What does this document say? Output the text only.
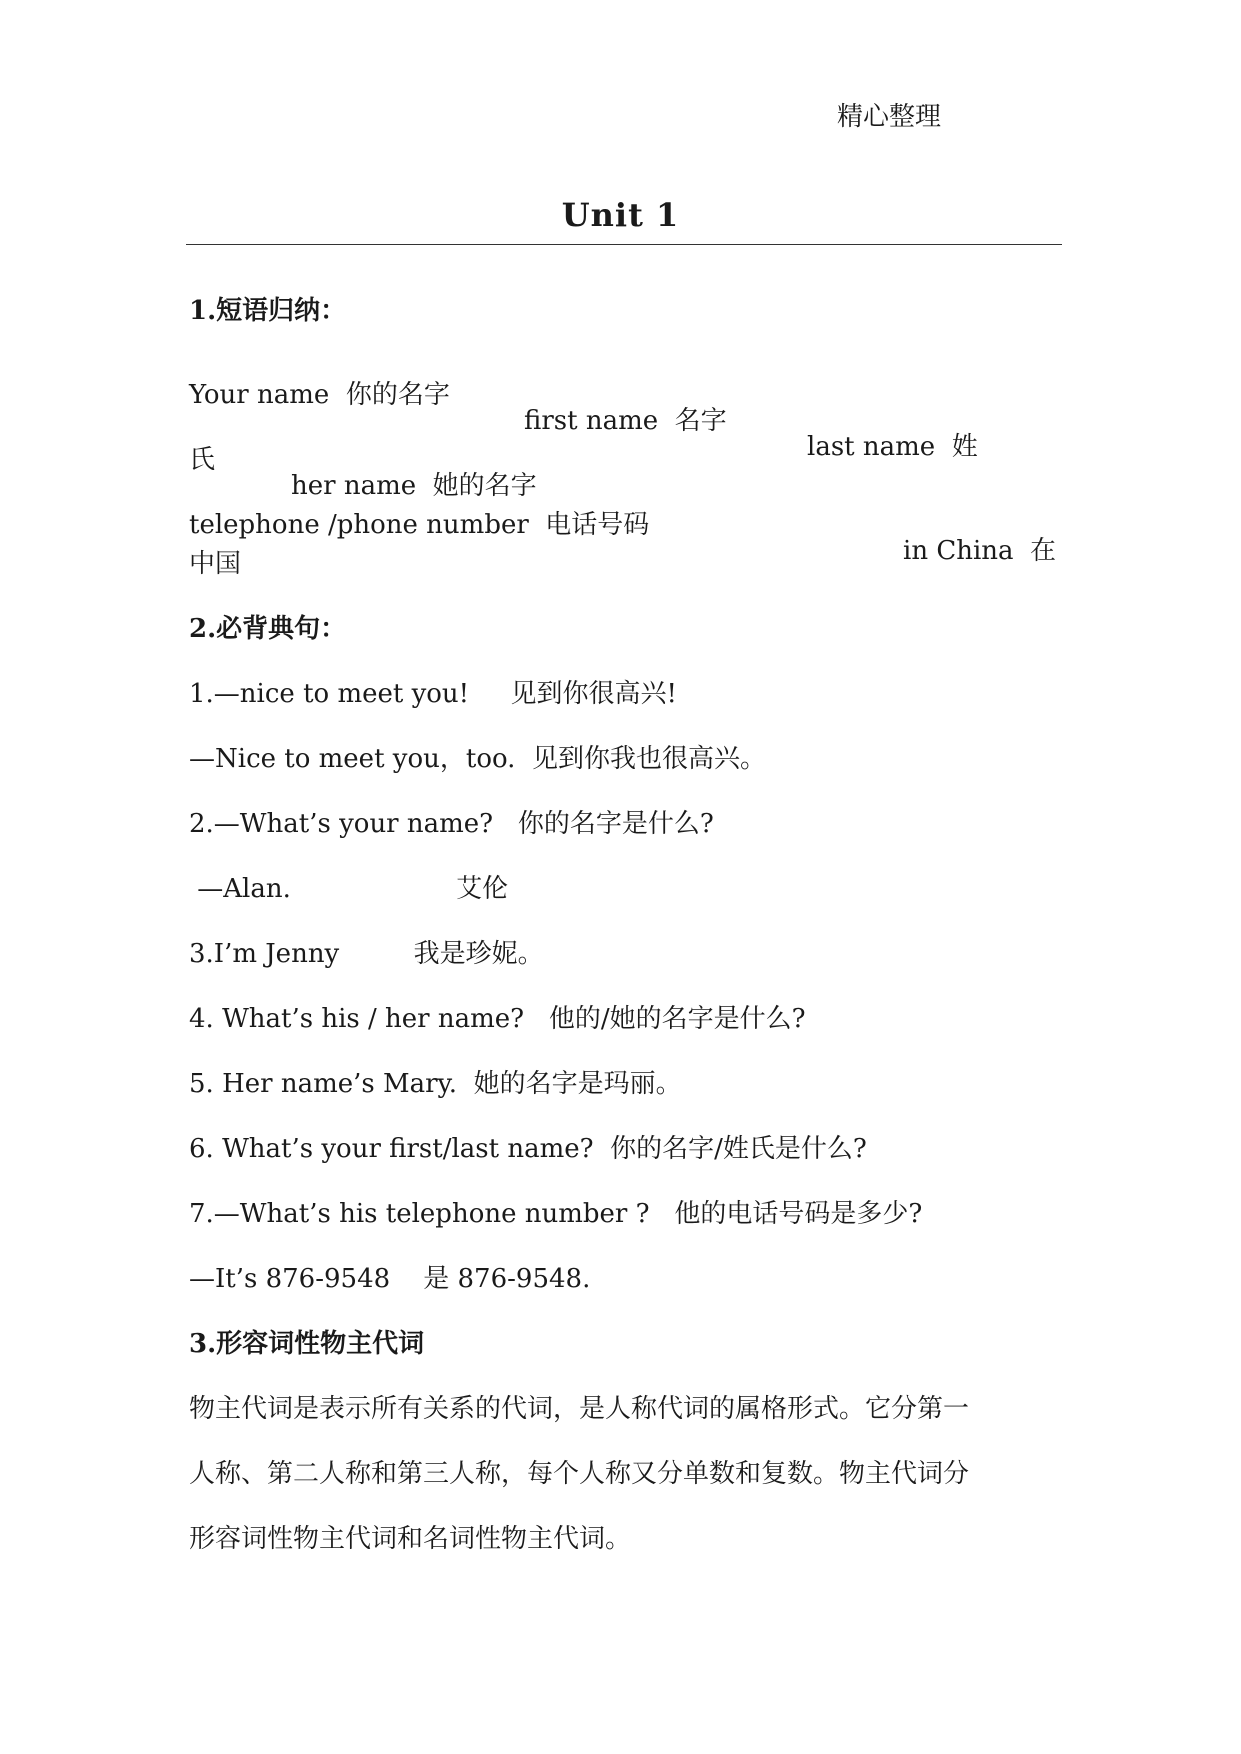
精心整理
Unit 1
1.短语归纳：

Your name  你的名字

first name  名字

last name  姓

氏

her name  她的名字

telephone /phone number  电话号码

in China  在

中国
2.必背典句：
1.—nice to meet you!     见到你很高兴!
—Nice to meet you，too.  见到你我也很高兴。
2.—What’s your name?   你的名字是什么?
—Alan.                    艾伦
3.I’m Jenny         我是珍妮。
4. What’s his / her name?   他的/她的名字是什么?
5. Her name’s Mary.  她的名字是玛丽。
6. What’s your first/last name?  你的名字/姓氏是什么?
7.—What’s his telephone number ?   他的电话号码是多少?
—It’s 876-9548    是 876-9548.
3.形容词性物主代词
物主代词是表示所有关系的代词，是人称代词的属格形式。它分第一
人称、第二人称和第三人称，每个人称又分单数和复数。物主代词分
形容词性物主代词和名词性物主代词。
